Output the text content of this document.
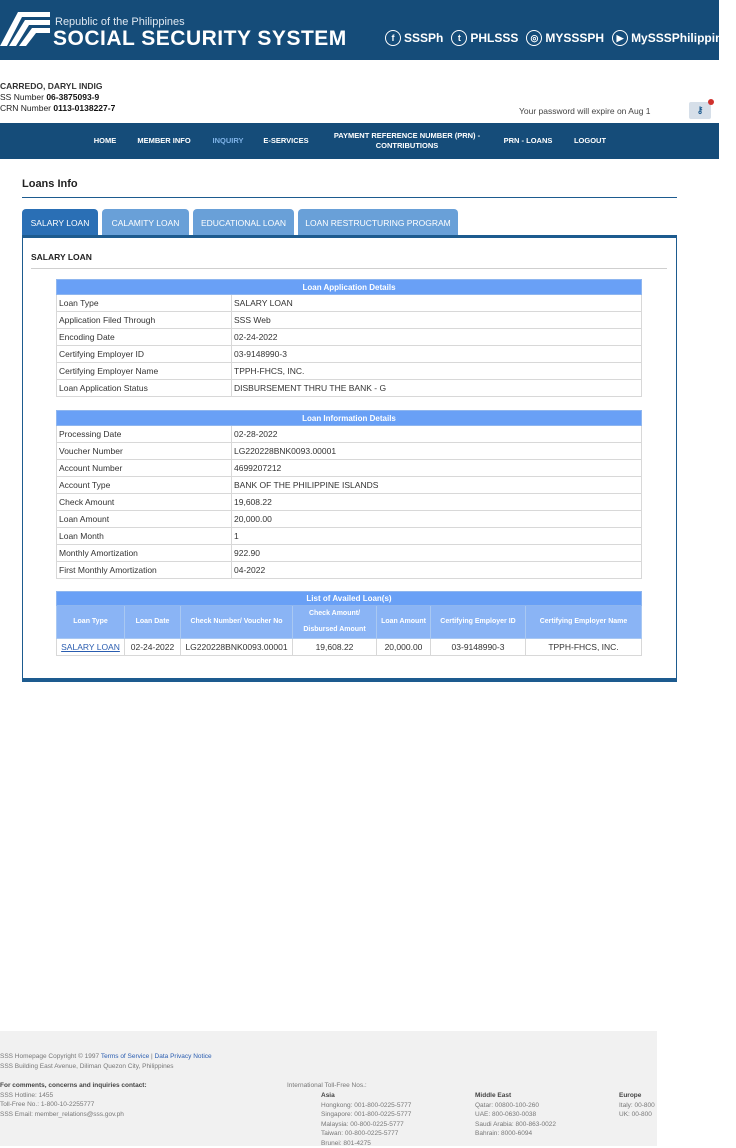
Republic of the Philippines
SOCIAL SECURITY SYSTEM	f SSSPh	t PHLSSS	◎ MYSSSPH	▶ MySSSPhilippines
CARREDO, DARYL INDIG
SS Number 06-3875093-9
CRN Number 0113-0138227-7	Your password will expire on Aug 1	⚷
HOME	MEMBER INFO	INQUIRY	E-SERVICES
PAYMENT REFERENCE NUMBER (PRN) - CONTRIBUTIONS
PRN - LOANS	LOGOUT
Loans Info
SALARY LOAN	CALAMITY LOAN	EDUCATIONAL LOAN	LOAN RESTRUCTURING PROGRAM
SALARY LOAN
Loan Application Details	
Loan Type	SALARY LOAN
Application Filed Through	SSS Web
Encoding Date	02-24-2022
Certifying Employer ID	03-9148990-3
Certifying Employer Name	TPPH-FHCS, INC.
Loan Application Status	DISBURSEMENT THRU THE BANK - G
Loan Information Details	
Processing Date	02-28-2022
Voucher Number	LG220228BNK0093.00001
Account Number	4699207212
Account Type	BANK OF THE PHILIPPINE ISLANDS
Check Amount	19,608.22
Loan Amount	20,000.00
Loan Month	1
Monthly Amortization	922.90
First Monthly Amortization	04-2022
List of Availed Loan(s)						
Loan Type	Loan Date	Check Number/ Voucher No	Check Amount/ Disbursed Amount	Loan Amount	Certifying Employer ID	Certifying Employer Name
SALARY LOAN	02-24-2022	LG220228BNK0093.00001	19,608.22	20,000.00	03-9148990-3	TPPH-FHCS, INC.
SSS Homepage Copyright © 1997 Terms of Service | Data Privacy Notice
SSS Building East Avenue, Diliman Quezon City, Philippines
For comments, concerns and inquiries contact:
SSS Hotline: 1455
Toll-Free No.: 1-800-10-2255777
SSS Email: member_relations@sss.gov.ph
International Toll-Free Nos.:
Asia
Hongkong: 001-800-0225-5777
Singapore: 001-800-0225-5777
Malaysia: 00-800-0225-5777
Taiwan: 00-800-0225-5777
Brunei: 801-4275
Middle East
Qatar: 00800-100-260
UAE: 800-0630-0038
Saudi Arabia: 800-863-0022
Bahrain: 8000-6094
Europe
Italy: 00-800
UK: 00-800
